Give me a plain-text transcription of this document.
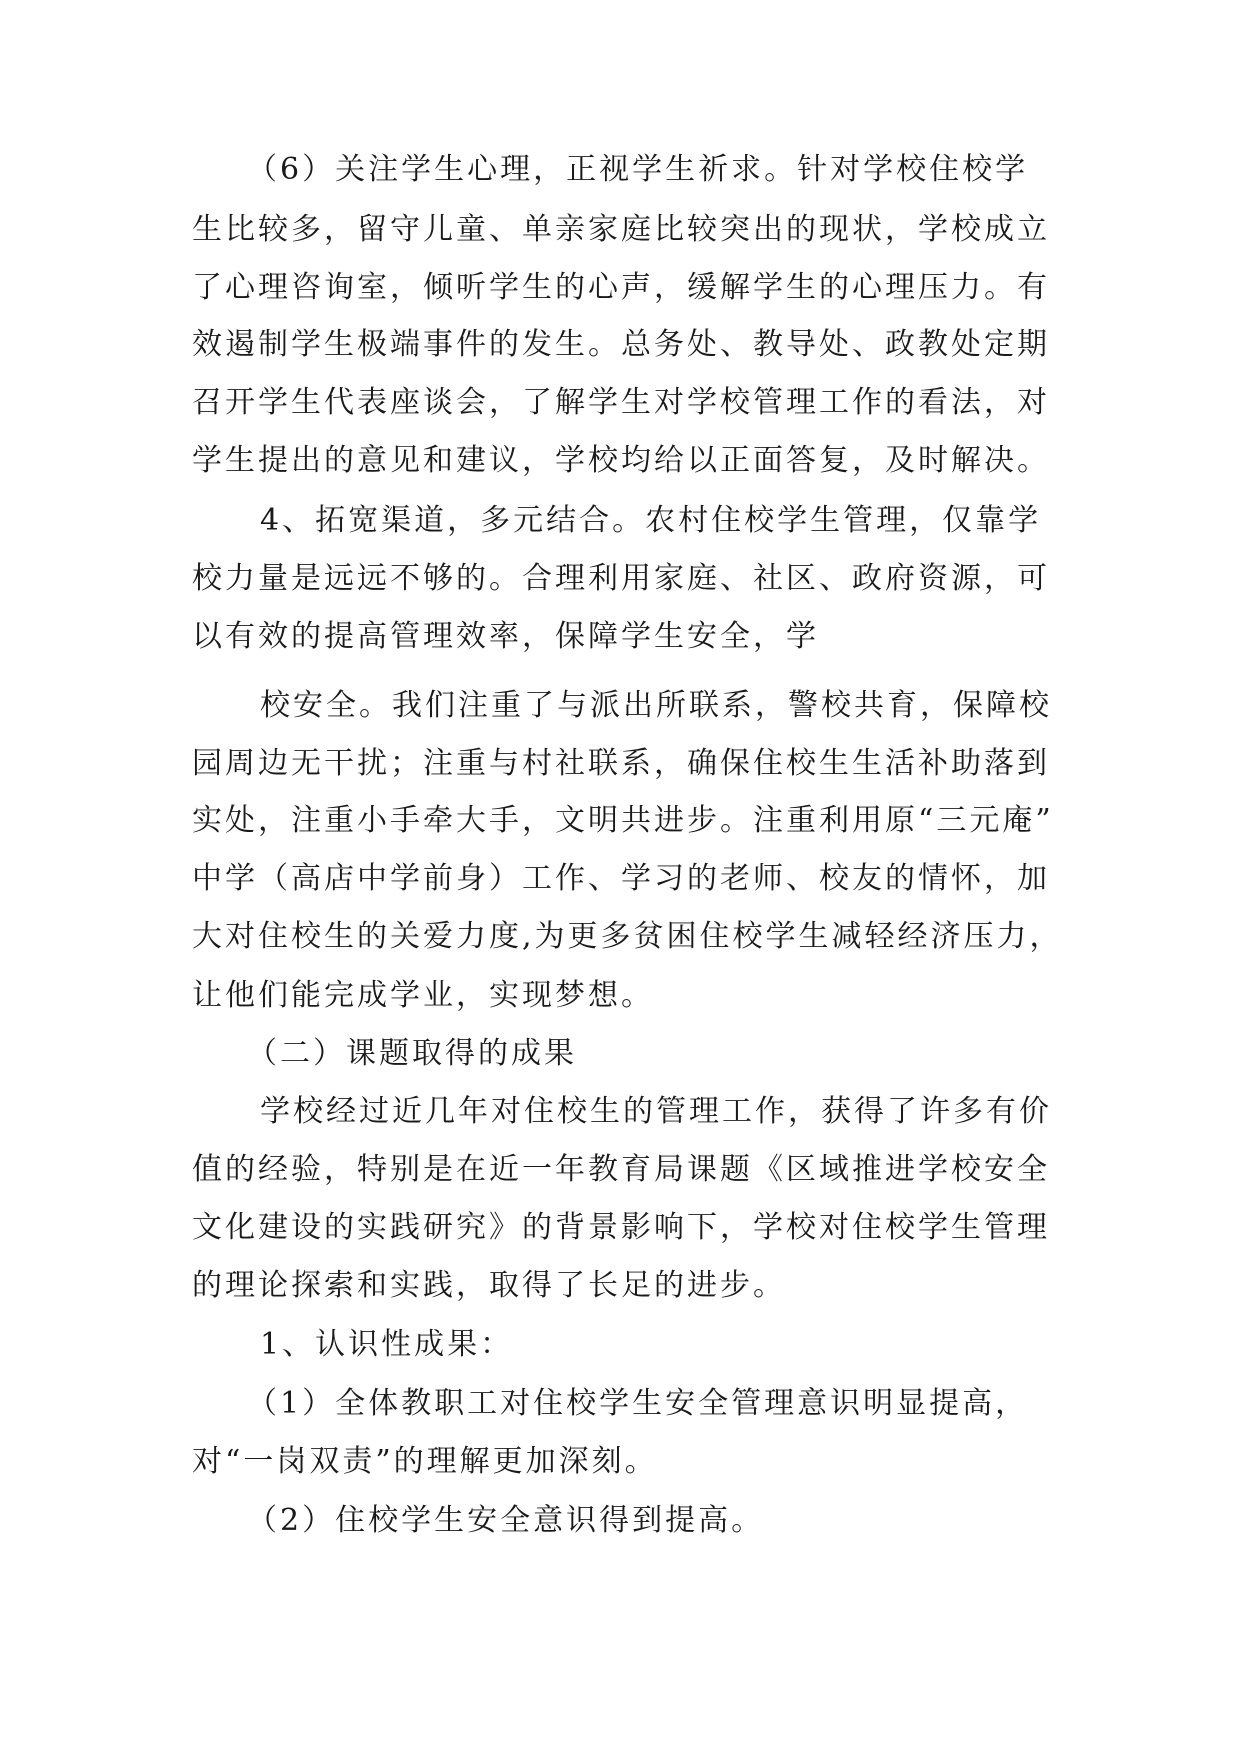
（6）关注学生心理，正视学生祈求。针对学校住校学
生比较多，留守儿童、单亲家庭比较突出的现状，学校成立
了心理咨询室，倾听学生的心声，缓解学生的心理压力。有
效遏制学生极端事件的发生。总务处、教导处、政教处定期
召开学生代表座谈会，了解学生对学校管理工作的看法，对
学生提出的意见和建议，学校均给以正面答复，及时解决。
4、拓宽渠道，多元结合。农村住校学生管理，仅靠学
校力量是远远不够的。合理利用家庭、社区、政府资源，可
以有效的提高管理效率，保障学生安全，学
校安全。我们注重了与派出所联系，警校共育，保障校
园周边无干扰；注重与村社联系，确保住校生生活补助落到
实处，注重小手牵大手，文明共进步。注重利用原“三元庵”
中学（高店中学前身）工作、学习的老师、校友的情怀，加
大对住校生的关爱力度,为更多贫困住校学生减轻经济压力，
让他们能完成学业，实现梦想。
（二）课题取得的成果
学校经过近几年对住校生的管理工作，获得了许多有价
值的经验，特别是在近一年教育局课题《区域推进学校安全
文化建设的实践研究》的背景影响下，学校对住校学生管理
的理论探索和实践，取得了长足的进步。
1、认识性成果：
（1）全体教职工对住校学生安全管理意识明显提高，
对“一岗双责”的理解更加深刻。
（2）住校学生安全意识得到提高。
